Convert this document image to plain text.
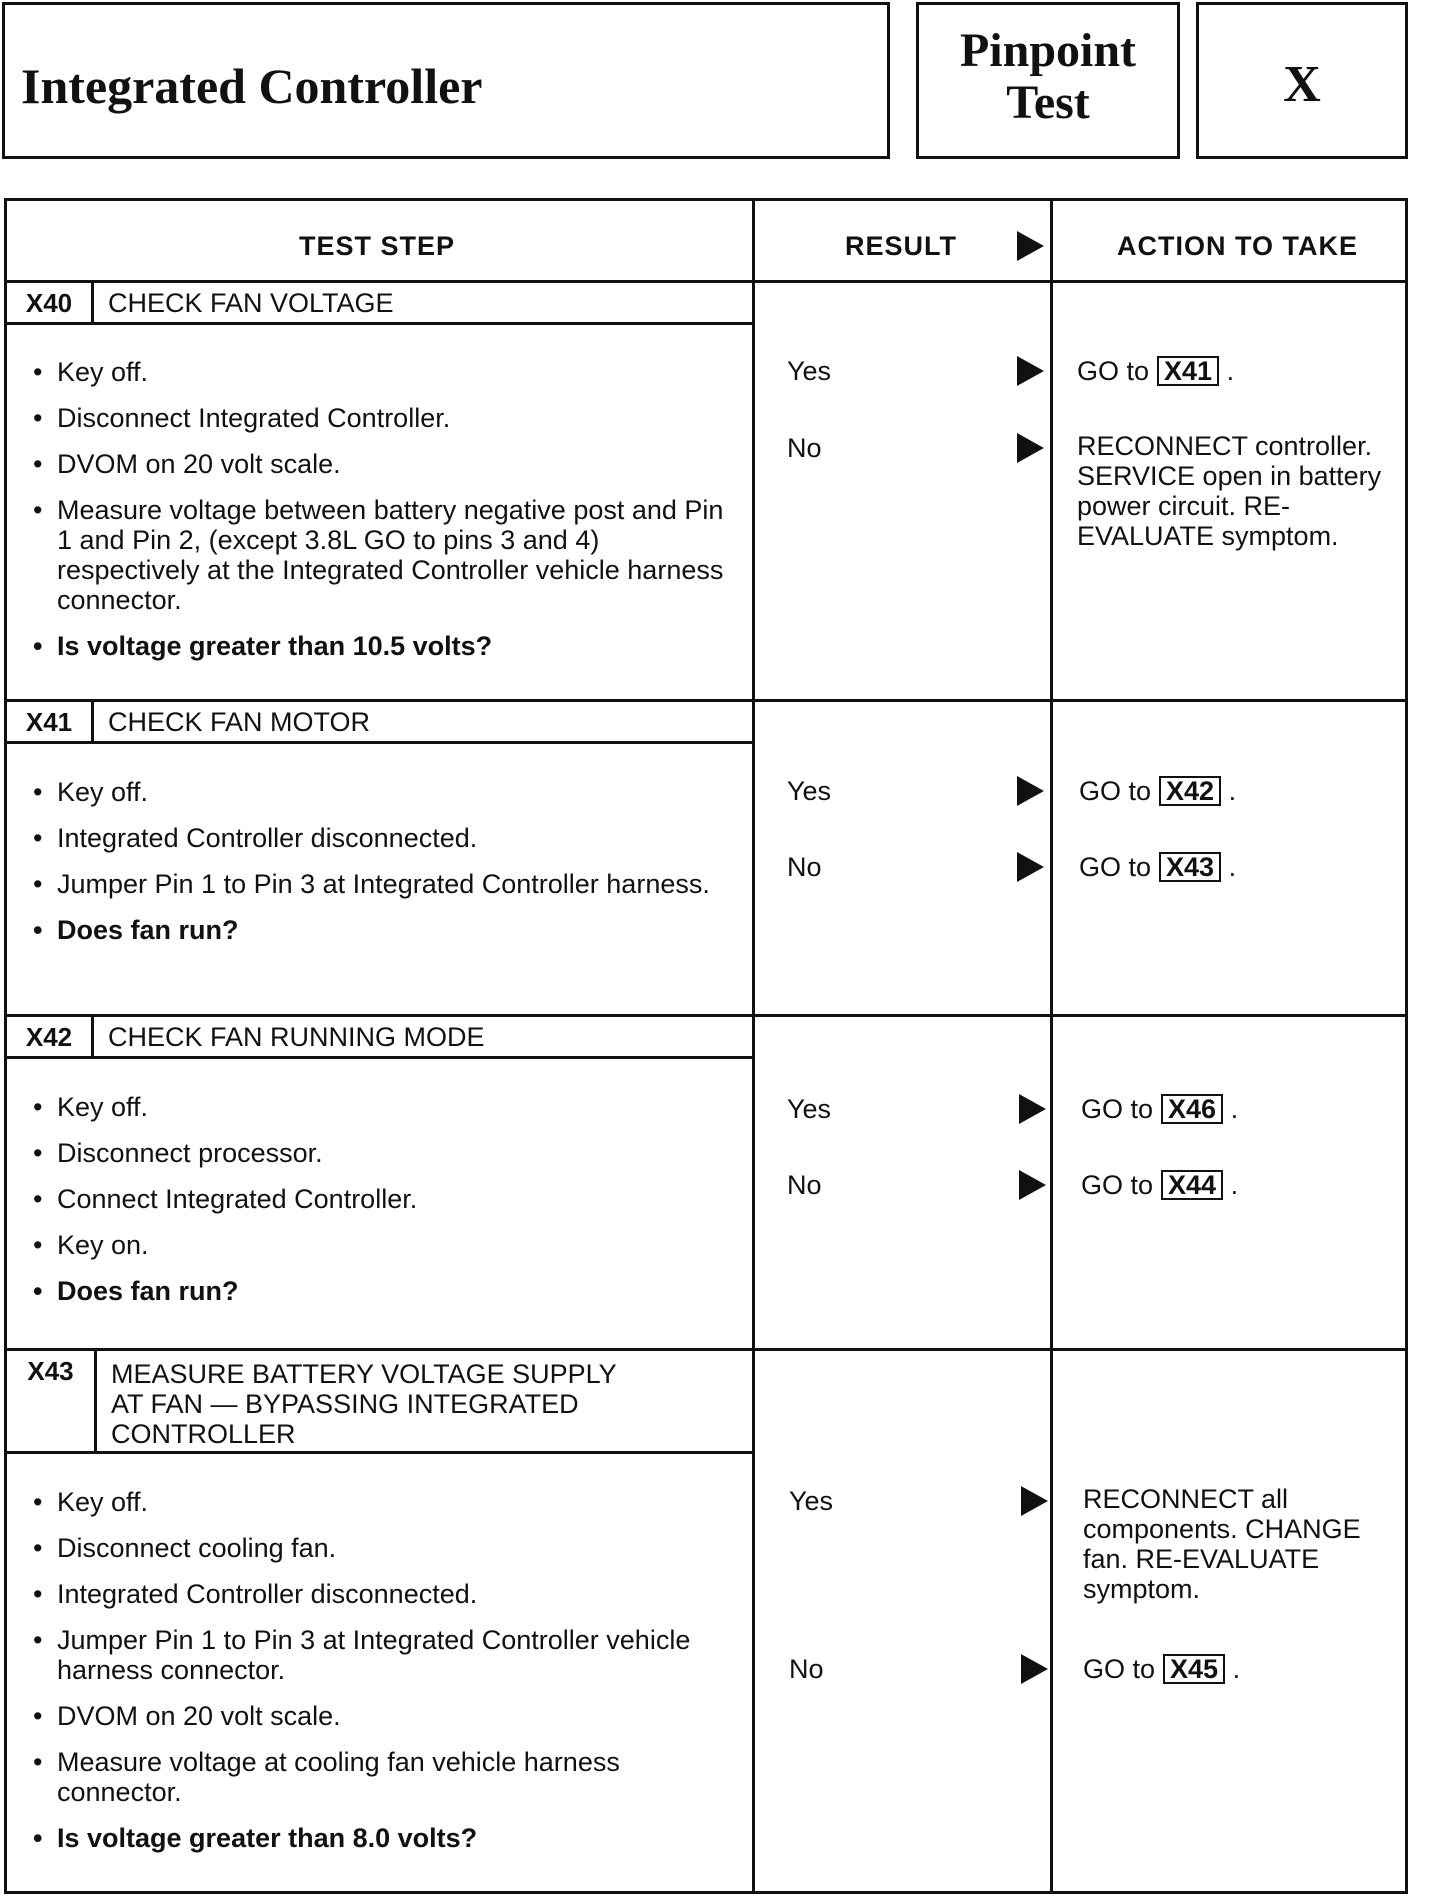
Integrated Controller
Pinpoint
Test	X
TEST STEP	RESULT	ACTION TO TAKE
X40	CHECK FAN VOLTAGE
• Key off.
• Disconnect Integrated Controller.
• DVOM on 20 volt scale.
• Measure voltage between battery negative post and Pin 1 and Pin 2, (except 3.8L GO to pins 3 and 4) respectively at the Integrated Controller vehicle harness connector.
• Is voltage greater than 10.5 volts?
Yes	GO to X41 .
No	RECONNECT controller. SERVICE open in battery power circuit. RE-EVALUATE symptom.
X41	CHECK FAN MOTOR
• Key off.
• Integrated Controller disconnected.
• Jumper Pin 1 to Pin 3 at Integrated Controller harness.
• Does fan run?
Yes	GO to X42 .
No	GO to X43 .
X42	CHECK FAN RUNNING MODE
• Key off.
• Disconnect processor.
• Connect Integrated Controller.
• Key on.
• Does fan run?
Yes	GO to X46 .
No	GO to X44 .
X43	MEASURE BATTERY VOLTAGE SUPPLY AT FAN — BYPASSING INTEGRATED CONTROLLER
• Key off.
• Disconnect cooling fan.
• Integrated Controller disconnected.
• Jumper Pin 1 to Pin 3 at Integrated Controller vehicle harness connector.
• DVOM on 20 volt scale.
• Measure voltage at cooling fan vehicle harness connector.
• Is voltage greater than 8.0 volts?
Yes	RECONNECT all components. CHANGE fan. RE-EVALUATE symptom.
No	GO to X45 .
